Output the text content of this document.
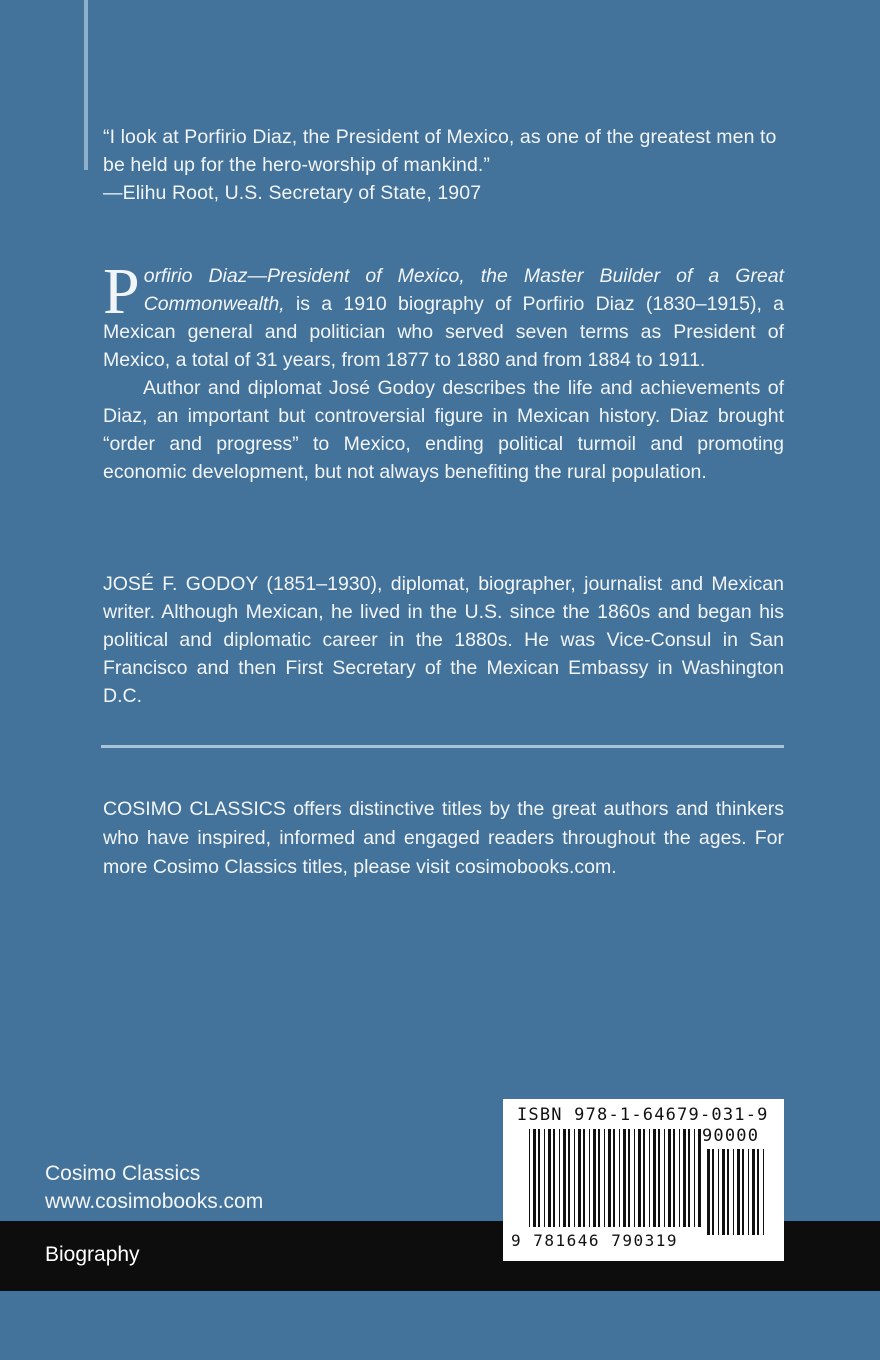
“I look at Porfirio Diaz, the President of Mexico, as one of the greatest men to be held up for the hero-worship of mankind.”

—Elihu Root, U.S. Secretary of State, 1907

Porfirio Diaz—President of Mexico, the Master Builder of a Great Commonwealth, is a 1910 biography of Porfirio Diaz (1830–1915), a Mexican general and politician who served seven terms as President of Mexico, a total of 31 years, from 1877 to 1880 and from 1884 to 1911.

Author and diplomat José Godoy describes the life and achievements of Diaz, an important but controversial figure in Mexican history. Diaz brought “order and progress” to Mexico, ending political turmoil and promoting economic development, but not always benefiting the rural population.

JOSÉ F. GODOY (1851–1930), diplomat, biographer, journalist and Mexican writer. Although Mexican, he lived in the U.S. since the 1860s and began his political and diplomatic career in the 1880s. He was Vice-Consul in San Francisco and then First Secretary of the Mexican Embassy in Washington D.C.

COSIMO CLASSICS offers distinctive titles by the great authors and thinkers who have inspired, informed and engaged readers throughout the ages. For more Cosimo Classics titles, please visit cosimobooks.com.

Cosimo Classics
www.cosimobooks.com
Biography
ISBN 978-1-64679-031-9
90000
9 781646 790319
